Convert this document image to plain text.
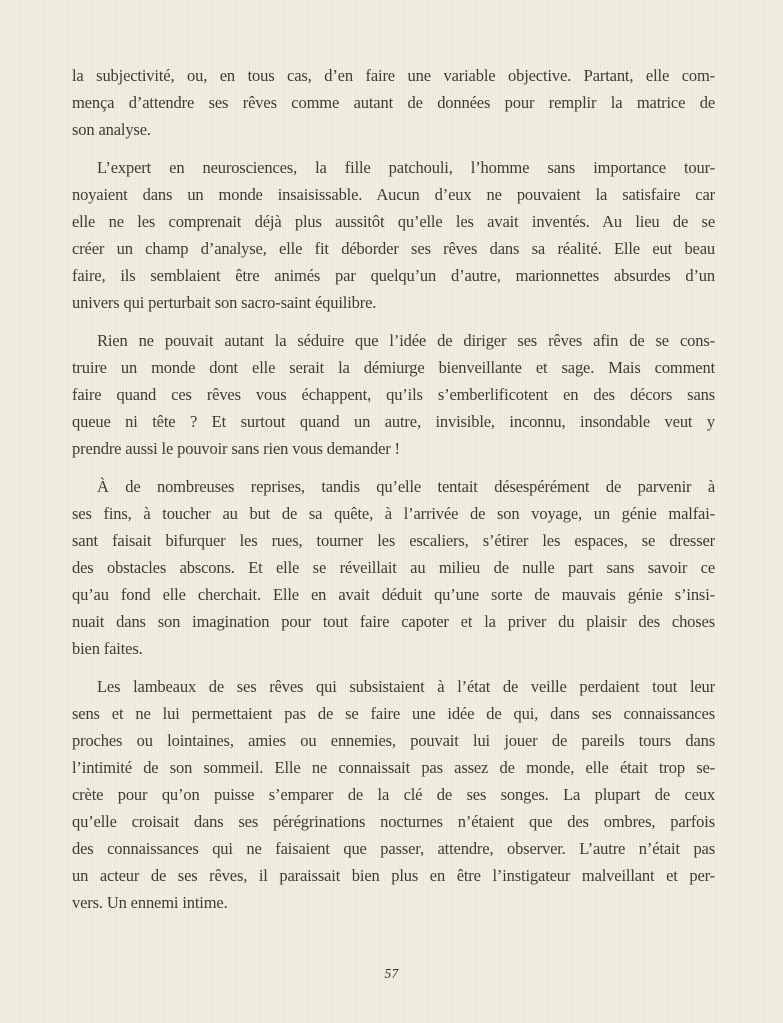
la subjectivité, ou, en tous cas, d’en faire une variable objective. Partant, elle com-
mença d’attendre ses rêves comme autant de données pour remplir la matrice de
son analyse.

L’expert en neurosciences, la fille patchouli, l’homme sans importance tour-
noyaient dans un monde insaisissable. Aucun d’eux ne pouvaient la satisfaire car
elle ne les comprenait déjà plus aussitôt qu’elle les avait inventés. Au lieu de se
créer un champ d’analyse, elle fit déborder ses rêves dans sa réalité. Elle eut beau
faire, ils semblaient être animés par quelqu’un d’autre, marionnettes absurdes d’un
univers qui perturbait son sacro-saint équilibre.

Rien ne pouvait autant la séduire que l’idée de diriger ses rêves afin de se cons-
truire un monde dont elle serait la démiurge bienveillante et sage. Mais comment
faire quand ces rêves vous échappent, qu’ils s’emberlificotent en des décors sans
queue ni tête ? Et surtout quand un autre, invisible, inconnu, insondable veut y
prendre aussi le pouvoir sans rien vous demander !

À de nombreuses reprises, tandis qu’elle tentait désespérément de parvenir à
ses fins, à toucher au but de sa quête, à l’arrivée de son voyage, un génie malfai-
sant faisait bifurquer les rues, tourner les escaliers, s’étirer les espaces, se dresser
des obstacles abscons. Et elle se réveillait au milieu de nulle part sans savoir ce
qu’au fond elle cherchait. Elle en avait déduit qu’une sorte de mauvais génie s’insi-
nuait dans son imagination pour tout faire capoter et la priver du plaisir des choses
bien faites.

Les lambeaux de ses rêves qui subsistaient à l’état de veille perdaient tout leur
sens et ne lui permettaient pas de se faire une idée de qui, dans ses connaissances
proches ou lointaines, amies ou ennemies, pouvait lui jouer de pareils tours dans
l’intimité de son sommeil. Elle ne connaissait pas assez de monde, elle était trop se-
crète pour qu’on puisse s’emparer de la clé de ses songes. La plupart de ceux
qu’elle croisait dans ses pérégrinations nocturnes n’étaient que des ombres, parfois
des connaissances qui ne faisaient que passer, attendre, observer. L’autre n’était pas
un acteur de ses rêves, il paraissait bien plus en être l’instigateur malveillant et per-
vers. Un ennemi intime.

57
